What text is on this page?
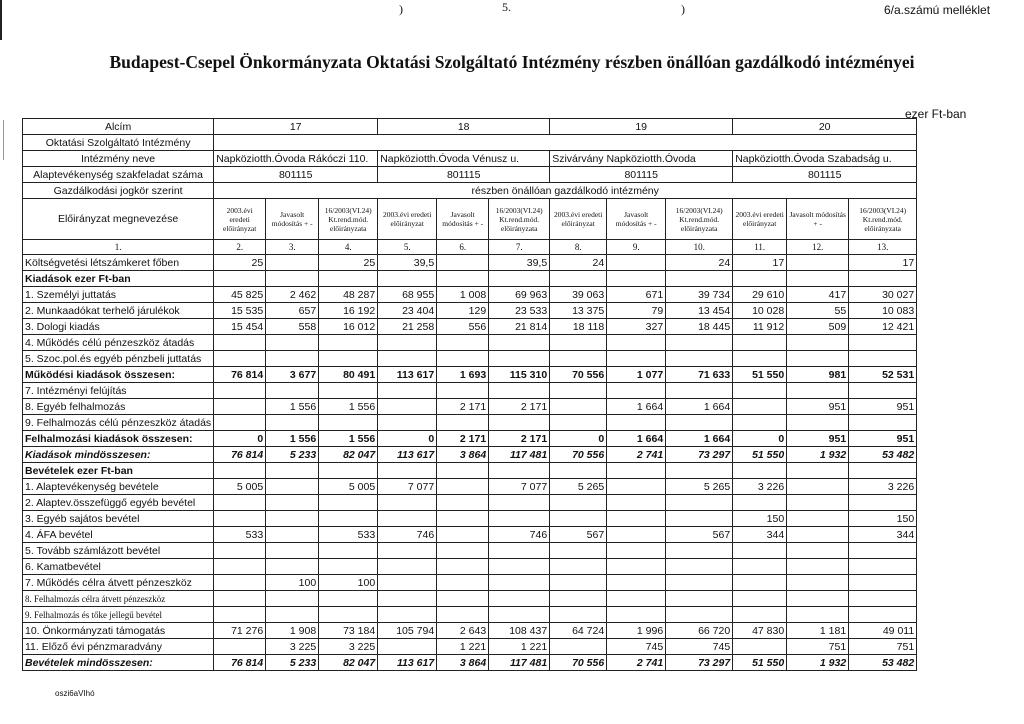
)	5.	)	6/a.számú melléklet
Budapest-Csepel Önkormányzata Oktatási Szolgáltató Intézmény részben önállóan gazdálkodó intézményei
ezer Ft-ban
Alcím	17			18			19			20		
Oktatási Szolgáltató Intézmény												
Intézmény neve	Napköziotth.Óvoda Rákóczi 110.			Napköziotth.Óvoda Vénusz u.			Szivárvány Napköziotth.Óvoda			Napköziotth.Óvoda Szabadság u.		
Alaptevékenység szakfeladat száma	801115			801115			801115			801115		
Gazdálkodási jogkör szerint	részben önállóan gazdálkodó intézmény											
Előirányzat megnevezése	2003.évi eredeti előirányzat	Javasolt módosítás + -	16/2003(VI.24) Kt.rend.mód. előirányzata	2003.évi eredeti előirányzat	Javasolt módosítás + -	16/2003(VI.24) Kt.rend.mód. előirányzata	2003.évi eredeti előirányzat	Javasolt módosítás + -	16/2003(VI.24) Kt.rend.mód. előirányzata	2003.évi eredeti előirányzat	Javasolt módosítás + -	16/2003(VI.24) Kt.rend.mód. előirányzata
1.	2.	3.	4.	5.	6.	7.	8.	9.	10.	11.	12.	13.
Költségvetési létszámkeret főben	25		25	39,5		39,5	24		24	17		17
Kiadások ezer Ft-ban												
1. Személyi juttatás	45 825	2 462	48 287	68 955	1 008	69 963	39 063	671	39 734	29 610	417	30 027
2. Munkaadókat terhelő járulékok	15 535	657	16 192	23 404	129	23 533	13 375	79	13 454	10 028	55	10 083
3. Dologi kiadás	15 454	558	16 012	21 258	556	21 814	18 118	327	18 445	11 912	509	12 421
4. Működés célú pénzeszköz átadás												
5. Szoc.pol.és egyéb pénzbeli juttatás												
Működési kiadások összesen:	76 814	3 677	80 491	113 617	1 693	115 310	70 556	1 077	71 633	51 550	981	52 531
7. Intézményi felújítás												
8. Egyéb felhalmozás		1 556	1 556		2 171	2 171		1 664	1 664		951	951
9. Felhalmozás célú pénzeszköz átadás												
Felhalmozási kiadások összesen:	0	1 556	1 556	0	2 171	2 171	0	1 664	1 664	0	951	951
Kiadások mindösszesen:	76 814	5 233	82 047	113 617	3 864	117 481	70 556	2 741	73 297	51 550	1 932	53 482
Bevételek ezer Ft-ban												
1. Alaptevékenység bevétele	5 005		5 005	7 077		7 077	5 265		5 265	3 226		3 226
2. Alaptev.összefüggő egyéb bevétel												
3. Egyéb sajátos bevétel										150		150
4. ÁFA bevétel	533		533	746		746	567		567	344		344
5. Tovább számlázott bevétel												
6. Kamatbevétel												
7. Működés célra átvett pénzeszköz		100	100									
8. Felhalmozás célra átvett pénzeszköz												
9. Felhalmozás és tőke jellegű bevétel												
10. Önkormányzati támogatás	71 276	1 908	73 184	105 794	2 643	108 437	64 724	1 996	66 720	47 830	1 181	49 011
11. Előző évi pénzmaradvány		3 225	3 225		1 221	1 221		745	745		751	751
Bevételek mindösszesen:	76 814	5 233	82 047	113 617	3 864	117 481	70 556	2 741	73 297	51 550	1 932	53 482
oszi6aVIhó
